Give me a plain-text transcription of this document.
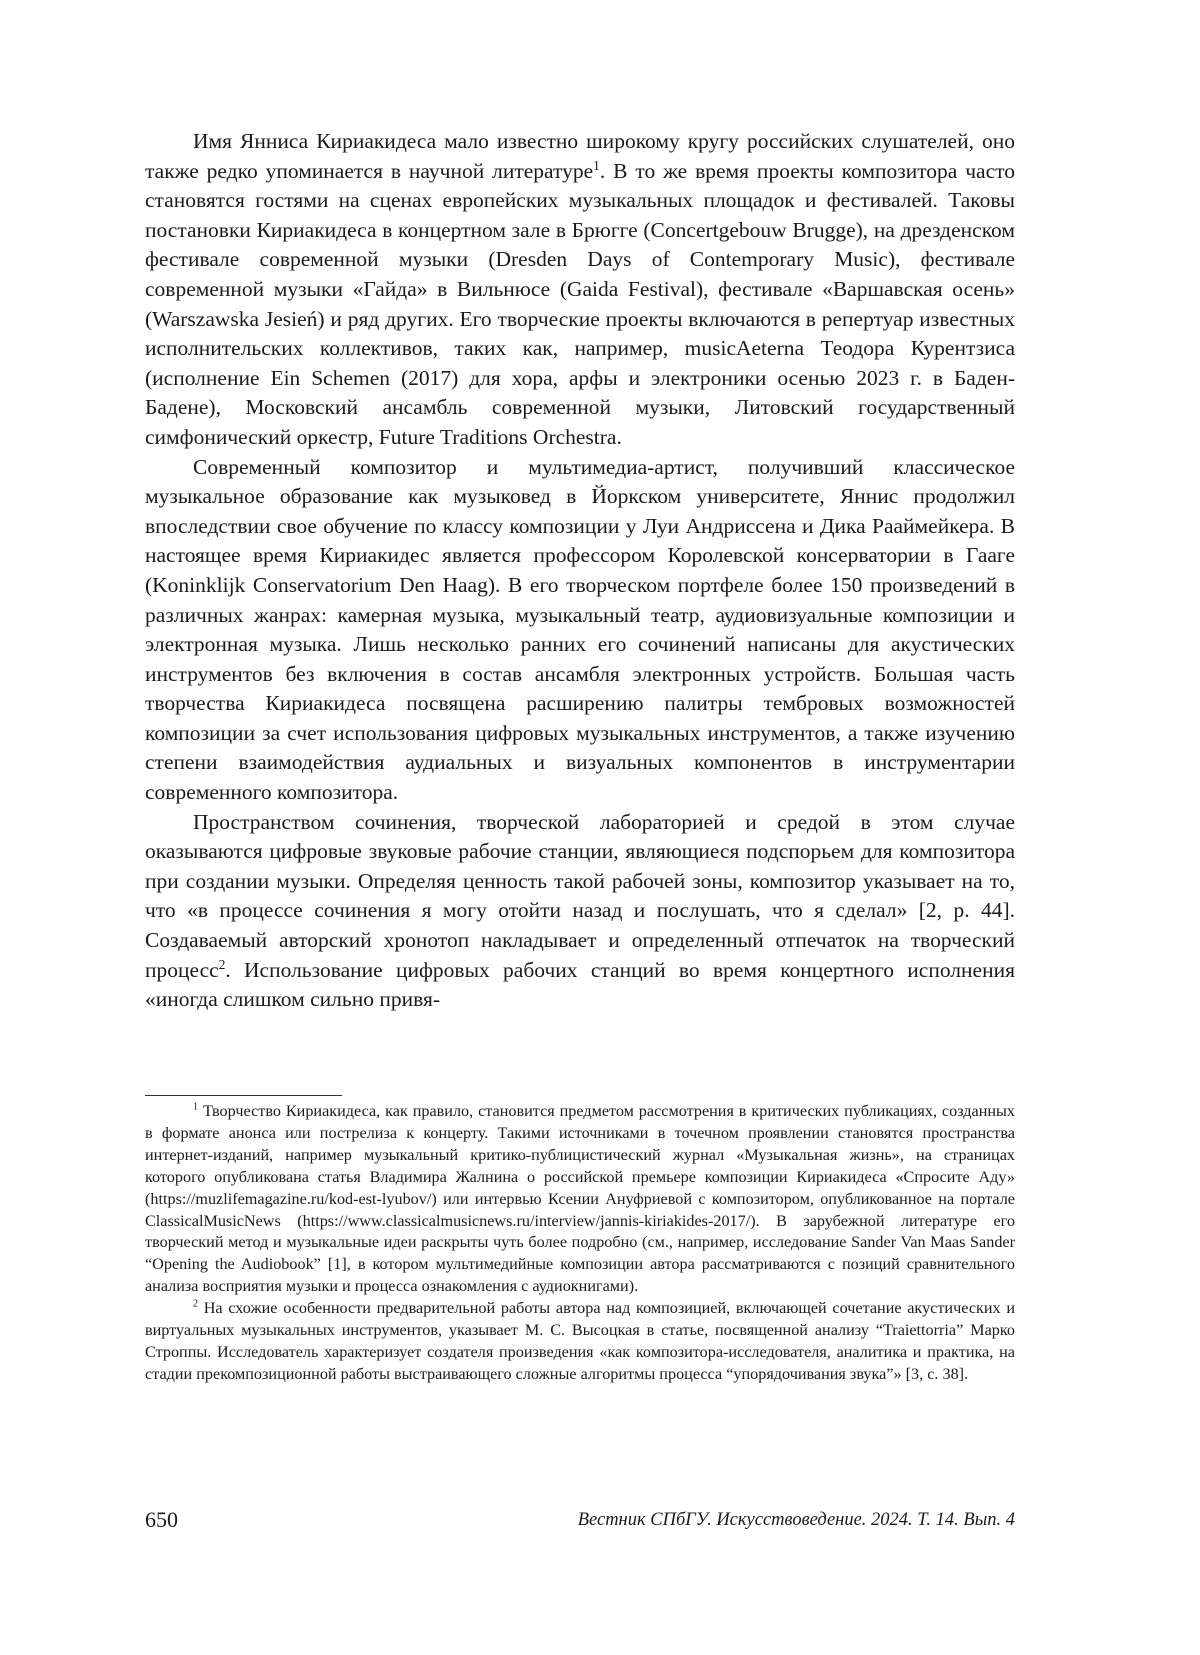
Имя Янниса Кириакидеса мало известно широкому кругу российских слушателей, оно также редко упоминается в научной литературе$^1$. В то же время проекты композитора часто становятся гостями на сценах европейских музыкальных площадок и фестивалей. Таковы постановки Кириакидеса в концертном зале в Брюгге (Concertgebouw Brugge), на дрезденском фестивале современной музыки (Dresden Days of Contemporary Music), фестивале современной музыки «Гайда» в Вильнюсе (Gaida Festival), фестивале «Варшавская осень» (Warszawska Jesień) и ряд других. Его творческие проекты включаются в репертуар известных исполнительских коллективов, таких как, например, musicAeterna Теодора Курентзиса (исполнение Ein Schemen (2017) для хора, арфы и электроники осенью 2023 г. в Баден-Бадене), Московский ансамбль современной музыки, Литовский государственный симфонический оркестр, Future Traditions Orchestra.

Современный композитор и мультимедиа-артист, получивший классическое музыкальное образование как музыковед в Йоркском университете, Яннис продолжил впоследствии свое обучение по классу композиции у Луи Андриссена и Дика Рааймейкера. В настоящее время Кириакидес является профессором Королевской консерватории в Гааге (Koninklijk Conservatorium Den Haag). В его творческом портфеле более 150 произведений в различных жанрах: камерная музыка, музыкальный театр, аудиовизуальные композиции и электронная музыка. Лишь несколько ранних его сочинений написаны для акустических инструментов без включения в состав ансамбля электронных устройств. Большая часть творчества Кириакидеса посвящена расширению палитры тембровых возможностей композиции за счет использования цифровых музыкальных инструментов, а также изучению степени взаимодействия аудиальных и визуальных компонентов в инструментарии современного композитора.

Пространством сочинения, творческой лабораторией и средой в этом случае оказываются цифровые звуковые рабочие станции, являющиеся подспорьем для композитора при создании музыки. Определяя ценность такой рабочей зоны, композитор указывает на то, что «в процессе сочинения я могу отойти назад и послушать, что я сделал» [2, p. 44]. Создаваемый авторский хронотоп накладывает и определенный отпечаток на творческий процесс$^2$. Использование цифровых рабочих станций во время концертного исполнения «иногда слишком сильно привя-

$^1$ Творчество Кириакидеса, как правило, становится предметом рассмотрения в критических публикациях, созданных в формате анонса или пострелиза к концерту. Такими источниками в точечном проявлении становятся пространства интернет-изданий, например музыкальный критико-публицистический журнал «Музыкальная жизнь», на страницах которого опубликована статья Владимира Жалнина о российской премьере композиции Кириакидеса «Спросите Аду» (https://muzlifemagazine.ru/kod-est-lyubov/) или интервью Ксении Ануфриевой с композитором, опубликованное на портале ClassicalMusicNews (https://www.classicalmusicnews.ru/interview/jannis-kiriakides-2017/). В зарубежной литературе его творческий метод и музыкальные идеи раскрыты чуть более подробно (см., например, исследование Sander Van Maas Sander “Opening the Audiobook” [1], в котором мультимедийные композиции автора рассматриваются с позиций сравнительного анализа восприятия музыки и процесса ознакомления с аудиокнигами).

$^2$ На схожие особенности предварительной работы автора над композицией, включающей сочетание акустических и виртуальных музыкальных инструментов, указывает М. С. Высоцкая в статье, посвященной анализу “Traiettorria” Марко Строппы. Исследователь характеризует создателя произведения «как композитора-исследователя, аналитика и практика, на стадии прекомпозиционной работы выстраивающего сложные алгоритмы процесса “упорядочивания звука”» [3, с. 38].

650	Вестник СПбГУ. Искусствоведение. 2024. Т. 14. Вып. 4
